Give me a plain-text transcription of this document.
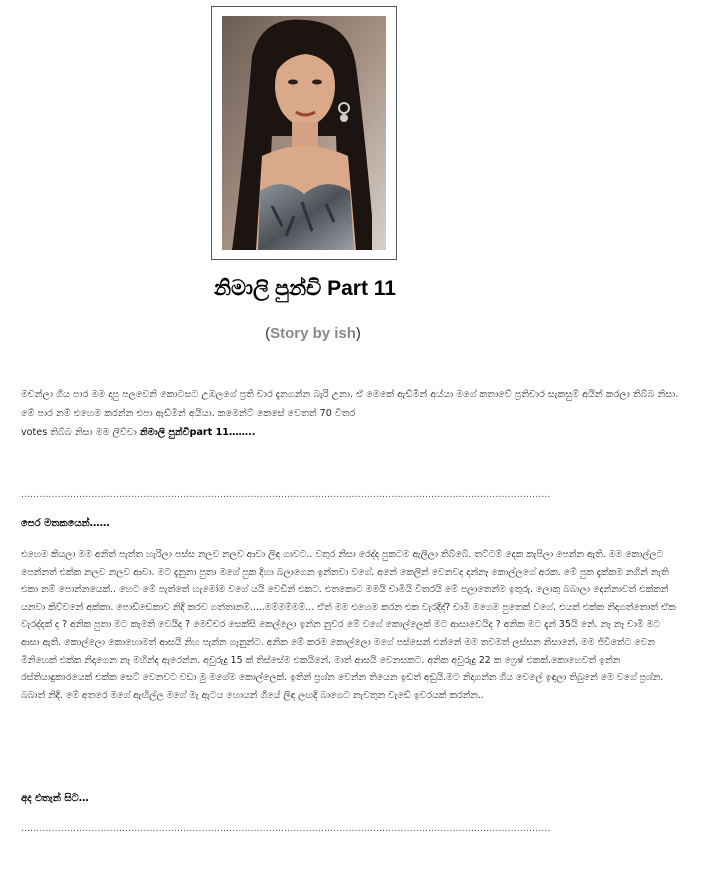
නිමාලි පුන්චි Part 11
(Story by ish)

මචන්ලා ගිය පාර මම දාපු පලවෙනි කොටසට උඹලගේ ප්‍රති චාර දැනගන්න බැරි උනා. ඒ මෙකේ ඇඩ්මින් අය්යා මගේ කතාවේ ප්‍රතිචාර සැකසුම් අයින් කරලා තිබ්බ නිසා. මේ පාර නම් එහෙම කරන්න එපා ඇඩ්මින් අයියා. කමෙන්ට් කෙසේ වෙතත් 70 විතර
votes තිබ්බ නිසා මම ලිව්වා නිමාලි පුන්චිpart 11……..

.............................................................................................................................................................................
පෙර මතකයෙන්……

එහෙම කියලා මම අනිත් පැත්ත හැරිලා පස්ස නලව නලව ආවා ලිඳ ගාවට.. වතුර නිසා රෙද්ද පුකටම ඇලිලා තිබ්බේ. තට්ටම් දෙක කැපිලා පෙන්න ඇති. මම කොල්ලට පෙන්නත් එක්ක නලව නලව ආවා. මට දැනුනා පුතා මගේ පුක දිහා බලාගෙන ඉන්නවා වගේ. අනේ කෙලින් වෙනවද දන්නෑ කොල්ලගේ අරක. මේ පුක දැක්කම නගින් නැති එකා නම් පොන්නයෙක්.. හෙට මේ පැත්තේ හැමෝම වගේ යයි වෙඩින් එකට. එතකොට මමයි චාමියි විතරයි මේ පලාතෙන්ම ඉතුරු. ලොකු බබාලා දෙන්නාවත් එක්කන් යනවා කිව්වනේ අක්කා. පොඩ්ඩෙකාව නිදි කරව ගත්තානම්.....මම්මම්මම්... ඒත් මම එහෙම කරන එක වැරදිද්? චාමි මගෙම පුතෙක් වගේ. එයත් එක්ක නිදාගත්තොත් ඒක වැරද්දක් ද ? අනික පුතා මට කැමති වෙයිද ? මෙච්චර සෙක්සි කෙල්ලො ඉන්න නුවර මේ වගේ කොල්ලෙක් මට ආසාවෙයිද ? අනික මට දැන් 35යි නේ. නෑ නෑ චාමි මට ආසා ඇති. කොල්ලො කොහොමත් ආසයි නිහ පැන්න ගෑනුන්ට. අනික මේ කරම කොල්ලො මගේ පස්සෙන් එන්නේ මම තවමත් ලස්සන නිසානේ. මම ජිවිතේට වෙන මිනිහෙක් එක්ක නිදාගෙන නෑ මහින්ද ඇරෙන්න. අවුරුදු 15 ක් තිස්සේම එකයිනේ. මාත් ආසයි වෙනසකට. අනික අවුරුදු 22 ක ෆ්‍රෙෂ් එකක්.කොහෙවත් ඉන්න රස්තියාදුකාරයෙක් එක්ක සෙට් වෙනවට වඩා මු මගේම කොල්ලෙක්. ඉතින් ප්‍රශ්න වෙන්න තියෙන ඉඩත් අඩුයි.මට නිදාගන්න ගිය වෙලේ ඉඳලා තිබුනේ මෙ වගේ ප්‍රශ්න. බබාත් නිදි. මේ අතරෙ මගේ ඇඟිල්ල මගේ මැ ඇටය හොයන් ගියේ ලිඳ ලඟදි බාගෙට නැවතුන වැඩේ ඉවරයක් කරන්න..

අද එතැන් සිට…
.............................................................................................................................................................................
